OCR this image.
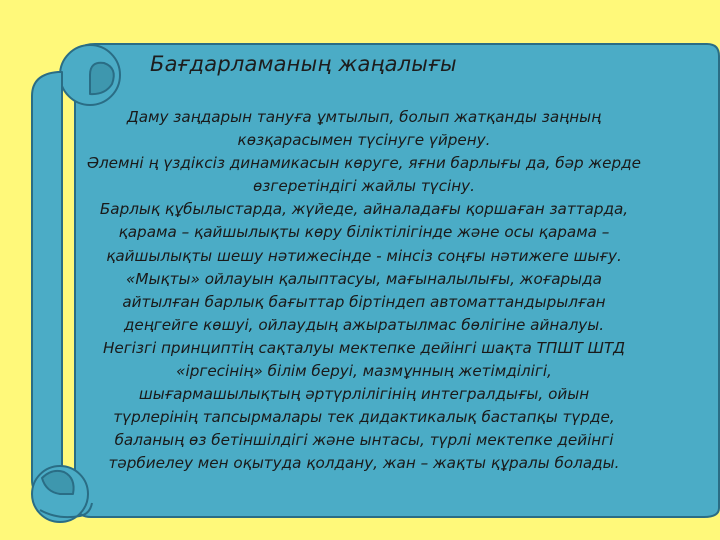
Бағдарламаның жаңалығы
Даму заңдарын тануға ұмтылып, болып жатқанды заңның
көзқарасымен түсінуге үйрену.
Әлемні ң үздіксіз динамикасын көруге, яғни барлығы да, бәр жерде
өзгеретіндігі жайлы түсіну.
Барлық құбылыстарда, жүйеде, айналадағы қоршаған заттарда,
қарама – қайшылықты көру біліктілігінде және осы қарама –
қайшылықты шешу нәтижесінде - мінсіз соңғы нәтижеге шығу.
«Мықты» ойлауын қалыптасуы, мағыналылығы, жоғарыда
айтылған барлық бағыттар біртіндеп автоматтандырылған
деңгейге көшуі, ойлаудың ажыратылмас бөлігіне айналуы.
Негізгі принциптің сақталуы мектепке дейінгі шақта ТПШТ ШТД
«іргесінің» білім беруі, мазмұнның жетімділігі,
шығармашылықтың әртүрлілігінің интегралдығы, ойын
түрлерінің тапсырмалары тек дидактикалық бастапқы түрде,
баланың өз бетіншілдігі және ынтасы, түрлі мектепке дейінгі
тәрбиелеу мен оқытуда қолдану, жан – жақты құралы болады.
